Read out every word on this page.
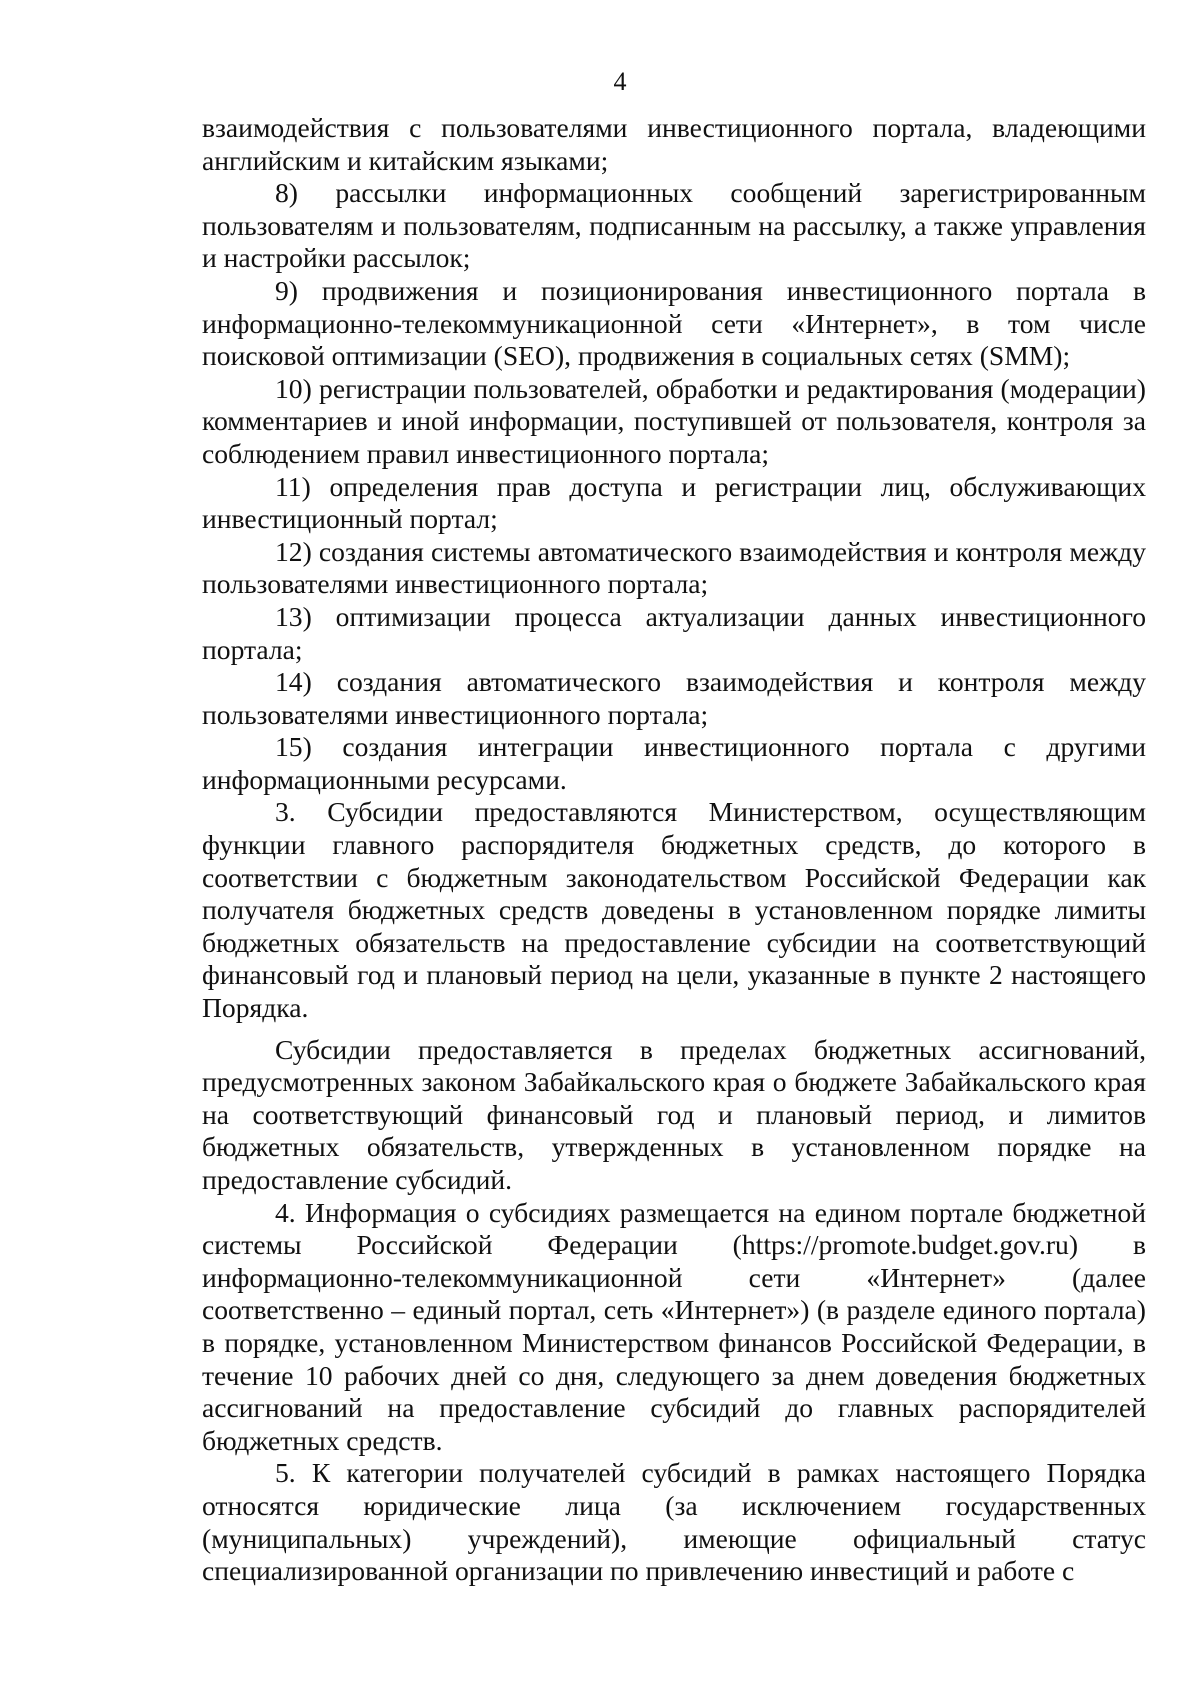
4

взаимодействия с пользователями инвестиционного портала, владеющими английским и китайским языками;

8) рассылки информационных сообщений зарегистрированным пользователям и пользователям, подписанным на рассылку, а также управления и настройки рассылок;

9) продвижения и позиционирования инвестиционного портала в информационно-телекоммуникационной сети «Интернет», в том числе поисковой оптимизации (SEO), продвижения в социальных сетях (SMM);

10) регистрации пользователей, обработки и редактирования (модерации) комментариев и иной информации, поступившей от пользователя, контроля за соблюдением правил инвестиционного портала;

11) определения прав доступа и регистрации лиц, обслуживающих инвестиционный портал;

12) создания системы автоматического взаимодействия и контроля между пользователями инвестиционного портала;

13) оптимизации процесса актуализации данных инвестиционного портала;

14) создания автоматического взаимодействия и контроля между пользователями инвестиционного портала;

15) создания интеграции инвестиционного портала с другими информационными ресурсами.

3. Субсидии предоставляются Министерством, осуществляющим функции главного распорядителя бюджетных средств, до которого в соответствии с бюджетным законодательством Российской Федерации как получателя бюджетных средств доведены в установленном порядке лимиты бюджетных обязательств на предоставление субсидии на соответствующий финансовый год и плановый период на цели, указанные в пункте 2 настоящего Порядка.

Субсидии предоставляется в пределах бюджетных ассигнований, предусмотренных законом Забайкальского края о бюджете Забайкальского края на соответствующий финансовый год и плановый период, и лимитов бюджетных обязательств, утвержденных в установленном порядке на предоставление субсидий.

4. Информация о субсидиях размещается на едином портале бюджетной системы Российской Федерации (https://promote.budget.gov.ru) в информационно-телекоммуникационной сети «Интернет» (далее соответственно – единый портал, сеть «Интернет») (в разделе единого портала) в порядке, установленном Министерством финансов Российской Федерации, в течение 10 рабочих дней со дня, следующего за днем доведения бюджетных ассигнований на предоставление субсидий до главных распорядителей бюджетных средств.

5. К категории получателей субсидий в рамках настоящего Порядка относятся юридические лица (за исключением государственных (муниципальных) учреждений), имеющие официальный статус специализированной организации по привлечению инвестиций и работе с
